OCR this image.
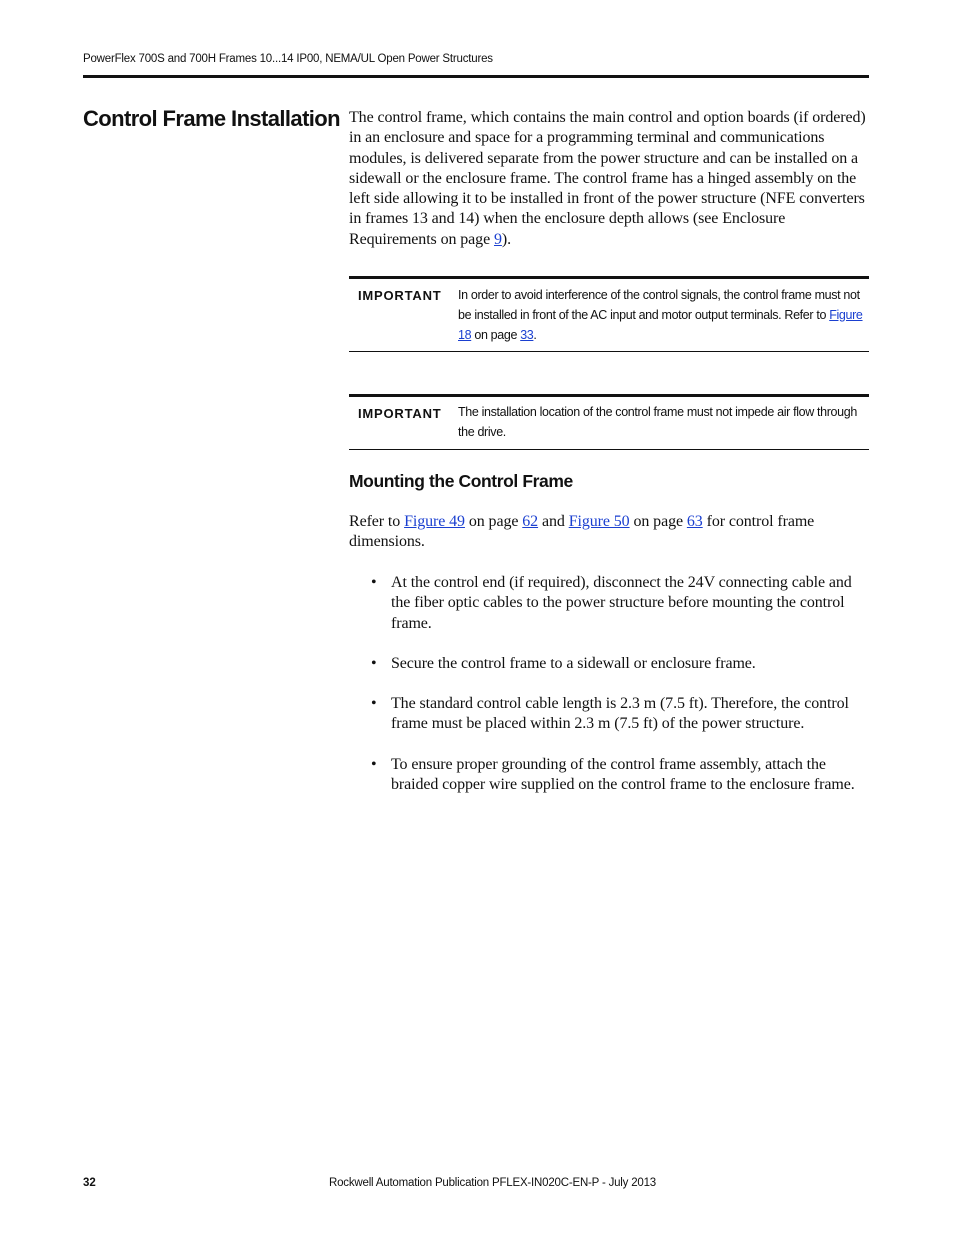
PowerFlex 700S and 700H Frames 10...14 IP00, NEMA/UL Open Power Structures
Control Frame Installation The control frame, which contains the main control and option boards (if ordered) in an enclosure and space for a programming terminal and communications modules, is delivered separate from the power structure and can be installed on a sidewall or the enclosure frame. The control frame has a hinged assembly on the left side allowing it to be installed in front of the power structure (NFE converters in frames 13 and 14) when the enclosure depth allows (see Enclosure Requirements on page 9).

IMPORTANT In order to avoid interference of the control signals, the control frame must not be installed in front of the AC input and motor output terminals. Refer to Figure 18 on page 33.

IMPORTANT The installation location of the control frame must not impede air flow through the drive.

Mounting the Control Frame

Refer to Figure 49 on page 62 and Figure 50 on page 63 for control frame dimensions.

• At the control end (if required), disconnect the 24V connecting cable and the fiber optic cables to the power structure before mounting the control frame.
• Secure the control frame to a sidewall or enclosure frame.
• The standard control cable length is 2.3 m (7.5 ft). Therefore, the control frame must be placed within 2.3 m (7.5 ft) of the power structure.
• To ensure proper grounding of the control frame assembly, attach the braided copper wire supplied on the control frame to the enclosure frame.
32	Rockwell Automation Publication PFLEX-IN020C-EN-P - July 2013
